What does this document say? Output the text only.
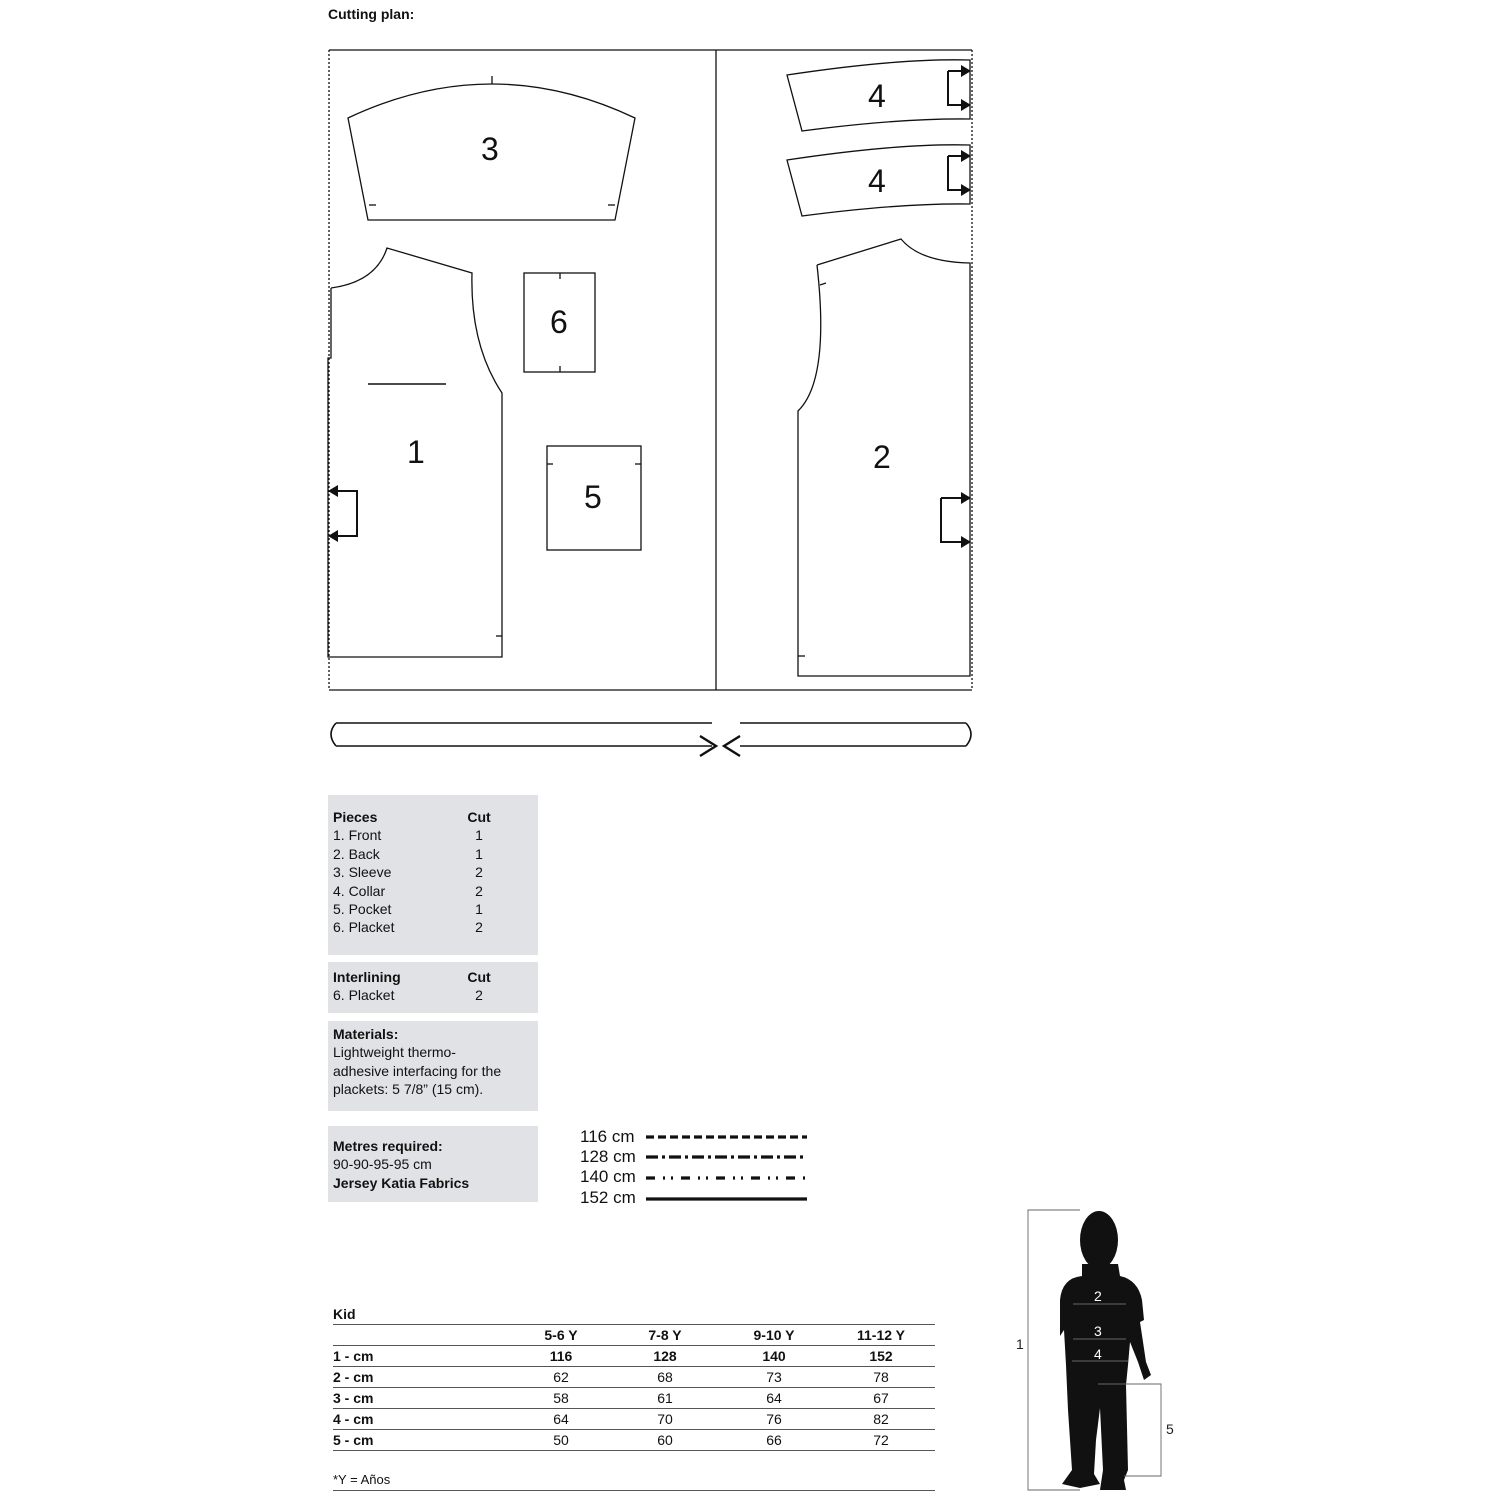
Cutting plan:
3
1
6
5
4
4
2
Pieces	Cut
1. Front	1
2. Back	1
3. Sleeve	2
4. Collar	2
5. Pocket	1
6. Placket	2
Interlining	Cut
6. Placket	2
Materials:
Lightweight thermo-
adhesive interfacing for the
plackets: 5 7/8” (15 cm).
Metres required:
90-90-95-95 cm
Jersey Katia Fabrics
116 cm
128 cm
140 cm
152 cm
Kid				
	5-6 Y	7-8 Y	9-10 Y	11-12 Y
1 - cm	116	128	140	152
2 - cm	62	68	73	78
3 - cm	58	61	64	67
4 - cm	64	70	76	82
5 - cm	50	60	66	72
*Y = Años
1
2
3
4
5
